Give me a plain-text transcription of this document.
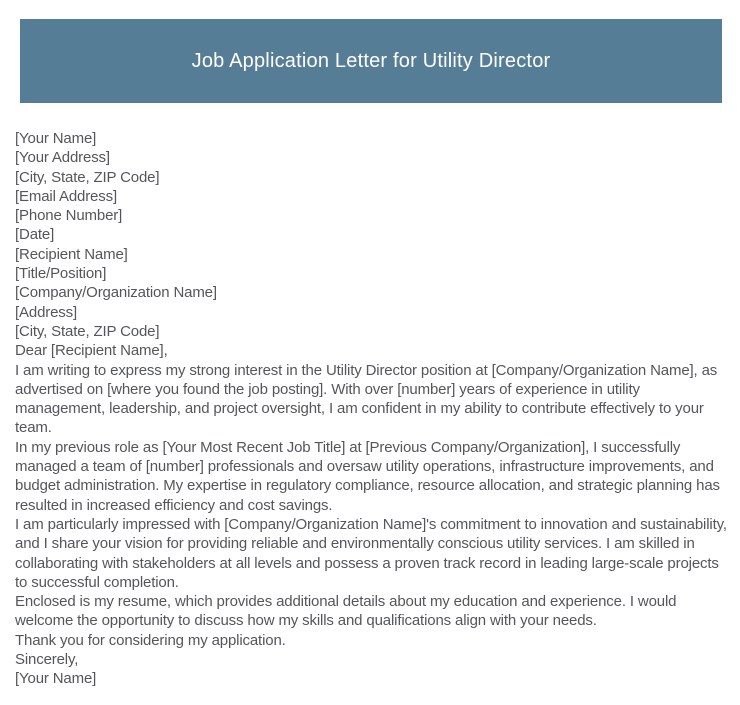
Job Application Letter for Utility Director
[Your Name]
[Your Address]
[City, State, ZIP Code]
[Email Address]
[Phone Number]
[Date]
[Recipient Name]
[Title/Position]
[Company/Organization Name]
[Address]
[City, State, ZIP Code]
Dear [Recipient Name],
I am writing to express my strong interest in the Utility Director position at [Company/Organization Name], as advertised on [where you found the job posting]. With over [number] years of experience in utility management, leadership, and project oversight, I am confident in my ability to contribute effectively to your team.
In my previous role as [Your Most Recent Job Title] at [Previous Company/Organization], I successfully managed a team of [number] professionals and oversaw utility operations, infrastructure improvements, and budget administration. My expertise in regulatory compliance, resource allocation, and strategic planning has resulted in increased efficiency and cost savings.
I am particularly impressed with [Company/Organization Name]'s commitment to innovation and sustainability, and I share your vision for providing reliable and environmentally conscious utility services. I am skilled in collaborating with stakeholders at all levels and possess a proven track record in leading large-scale projects to successful completion.
Enclosed is my resume, which provides additional details about my education and experience. I would welcome the opportunity to discuss how my skills and qualifications align with your needs.
Thank you for considering my application.
Sincerely,
[Your Name]
